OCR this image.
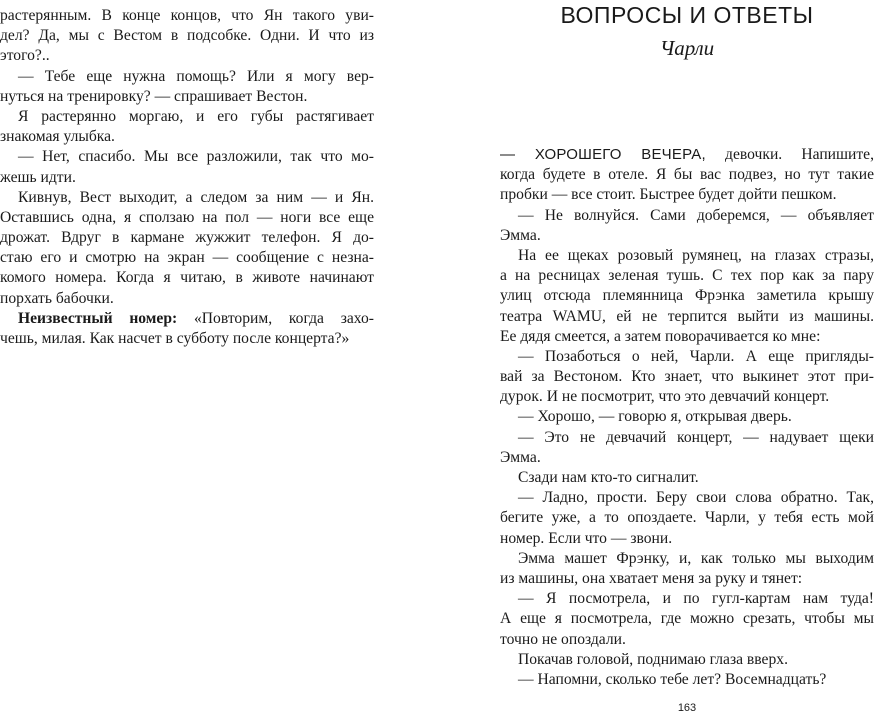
растерянным. В конце концов, что Ян такого уви-
дел? Да, мы с Вестом в подсобке. Одни. И что из
этого?..
— Тебе еще нужна помощь? Или я могу вер-
нуться на тренировку? — спрашивает Вестон.
Я растерянно моргаю, и его губы растягивает
знакомая улыбка.
— Нет, спасибо. Мы все разложили, так что мо-
жешь идти.
Кивнув, Вест выходит, а следом за ним — и Ян.
Оставшись одна, я сползаю на пол — ноги все еще
дрожат. Вдруг в кармане жужжит телефон. Я до-
стаю его и смотрю на экран — сообщение с незна-
комого номера. Когда я читаю, в животе начинают
порхать бабочки.
Неизвестный номер: «Повторим, когда захо-
чешь, милая. Как насчет в субботу после концерта?»
ВОПРОСЫ И ОТВЕТЫ
Чарли
— ХОРОШЕГО ВЕЧЕРА, девочки. Напишите,
когда будете в отеле. Я бы вас подвез, но тут такие
пробки — все стоит. Быстрее будет дойти пешком.
— Не волнуйся. Сами доберемся, — объявляет
Эмма.
На ее щеках розовый румянец, на глазах стразы,
а на ресницах зеленая тушь. С тех пор как за пару
улиц отсюда племянница Фрэнка заметила крышу
театра WAMU, ей не терпится выйти из машины.
Ее дядя смеется, а затем поворачивается ко мне:
— Позаботься о ней, Чарли. А еще пригляды-
вай за Вестоном. Кто знает, что выкинет этот при-
дурок. И не посмотрит, что это девчачий концерт.
— Хорошо, — говорю я, открывая дверь.
— Это не девчачий концерт, — надувает щеки
Эмма.
Сзади нам кто-то сигналит.
— Ладно, прости. Беру свои слова обратно. Так,
бегите уже, а то опоздаете. Чарли, у тебя есть мой
номер. Если что — звони.
Эмма машет Фрэнку, и, как только мы выходим
из машины, она хватает меня за руку и тянет:
— Я посмотрела, и по гугл-картам нам туда!
А еще я посмотрела, где можно срезать, чтобы мы
точно не опоздали.
Покачав головой, поднимаю глаза вверх.
— Напомни, сколько тебе лет? Восемнадцать?
163
